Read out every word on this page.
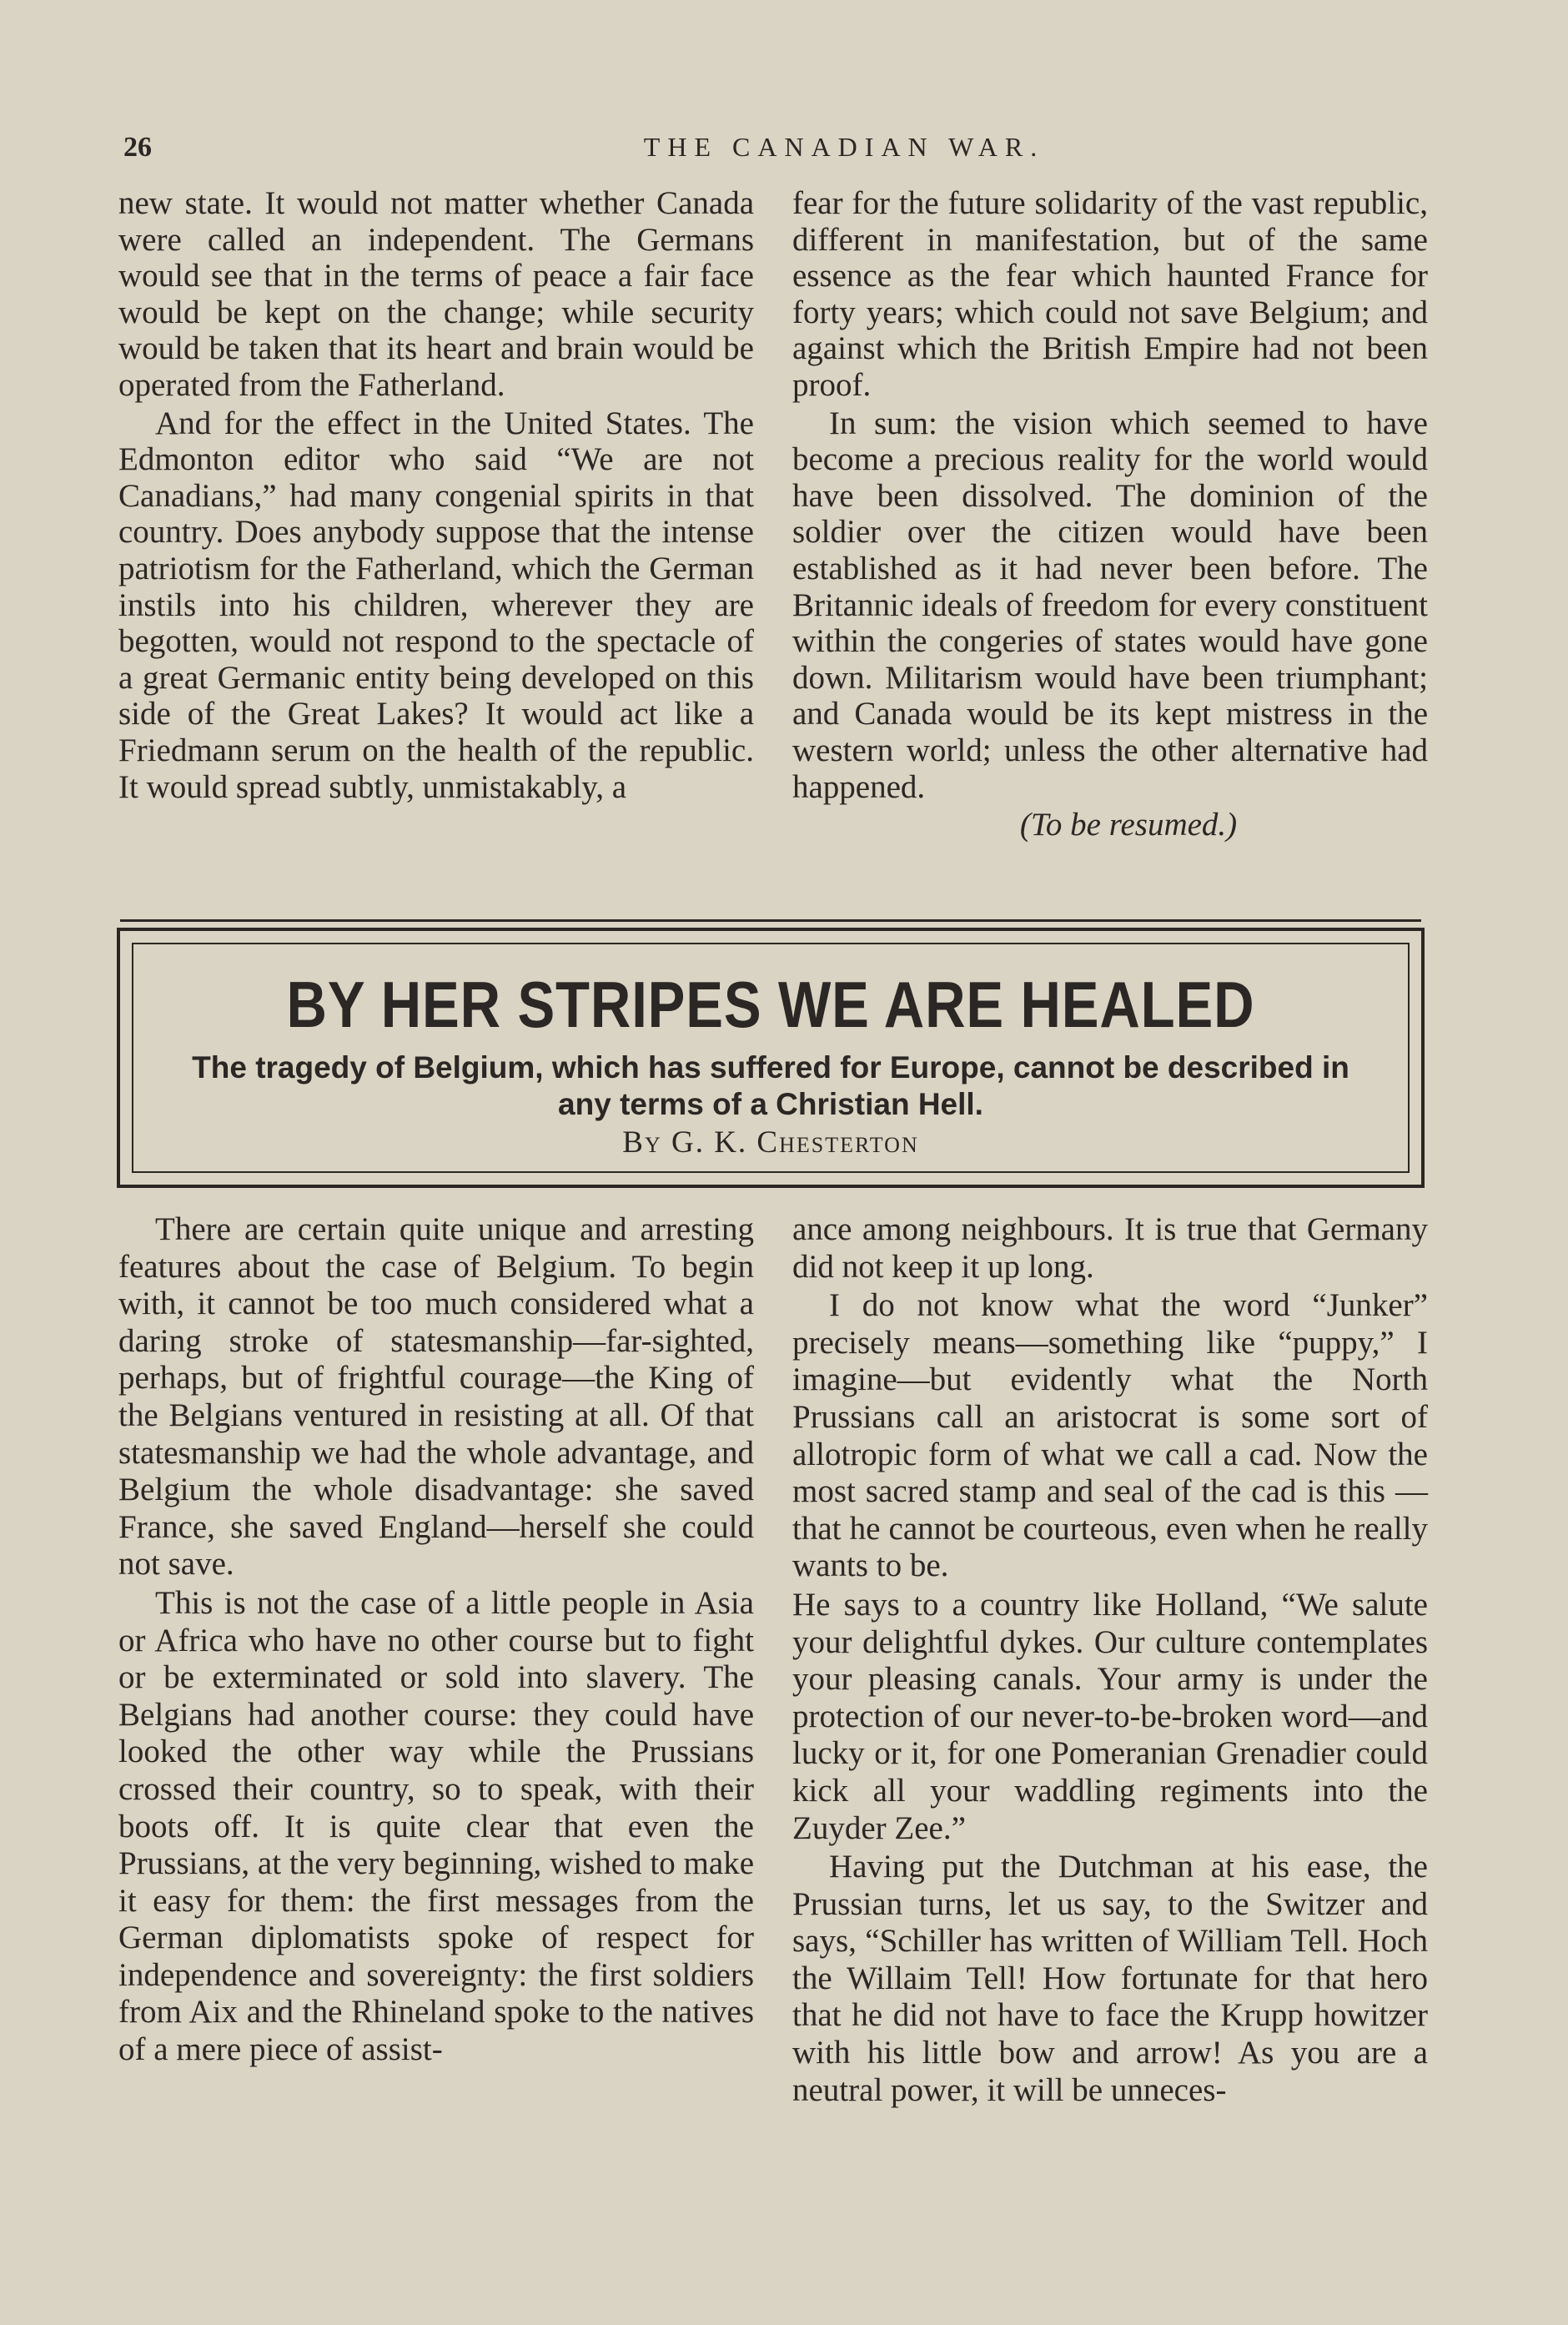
26	THE CANADIAN WAR.

new state. It would not matter whether Canada were called an independent. The Germans would see that in the terms of peace a fair face would be kept on the change; while security would be taken that its heart and brain would be operated from the Fatherland.

And for the effect in the United States. The Edmonton editor who said “We are not Canadians,” had many congenial spirits in that country. Does anybody suppose that the intense patriotism for the Fatherland, which the German instils into his children, wherever they are begotten, would not respond to the spectacle of a great Germanic entity being developed on this side of the Great Lakes? It would act like a Friedmann serum on the health of the republic. It would spread subtly, unmistakably, a

fear for the future solidarity of the vast republic, different in manifestation, but of the same essence as the fear which haunted France for forty years; which could not save Belgium; and against which the British Empire had not been proof.

In sum: the vision which seemed to have become a precious reality for the world would have been dissolved. The dominion of the soldier over the citizen would have been established as it had never been before. The Britannic ideals of freedom for every constituent within the congeries of states would have gone down. Militarism would have been triumphant; and Canada would be its kept mistress in the western world; unless the other alternative had happened.

(To be resumed.)

BY HER STRIPES WE ARE HEALED
The tragedy of Belgium, which has suffered for Europe, cannot be described in any terms of a Christian Hell.
By G. K. Chesterton

There are certain quite unique and arresting features about the case of Belgium. To begin with, it cannot be too much considered what a daring stroke of statesmanship—far-sighted, perhaps, but of frightful courage—the King of the Belgians ventured in resisting at all. Of that statesmanship we had the whole advantage, and Belgium the whole disadvantage: she saved France, she saved England—herself she could not save.

This is not the case of a little people in Asia or Africa who have no other course but to fight or be exterminated or sold into slavery. The Belgians had another course: they could have looked the other way while the Prussians crossed their country, so to speak, with their boots off. It is quite clear that even the Prussians, at the very beginning, wished to make it easy for them: the first messages from the German diplomatists spoke of respect for independence and sovereignty: the first soldiers from Aix and the Rhineland spoke to the natives of a mere piece of assist-

ance among neighbours. It is true that Germany did not keep it up long.

I do not know what the word “Junker” precisely means—something like “puppy,” I imagine—but evidently what the North Prussians call an aristocrat is some sort of allotropic form of what we call a cad. Now the most sacred stamp and seal of the cad is this —that he cannot be courteous, even when he really wants to be.

He says to a country like Holland, “We salute your delightful dykes. Our culture contemplates your pleasing canals. Your army is under the protection of our never-to-be-broken word—and lucky or it, for one Pomeranian Grenadier could kick all your waddling regiments into the Zuyder Zee.”

Having put the Dutchman at his ease, the Prussian turns, let us say, to the Switzer and says, “Schiller has written of William Tell. Hoch the Willaim Tell! How fortunate for that hero that he did not have to face the Krupp howitzer with his little bow and arrow! As you are a neutral power, it will be unneces-
